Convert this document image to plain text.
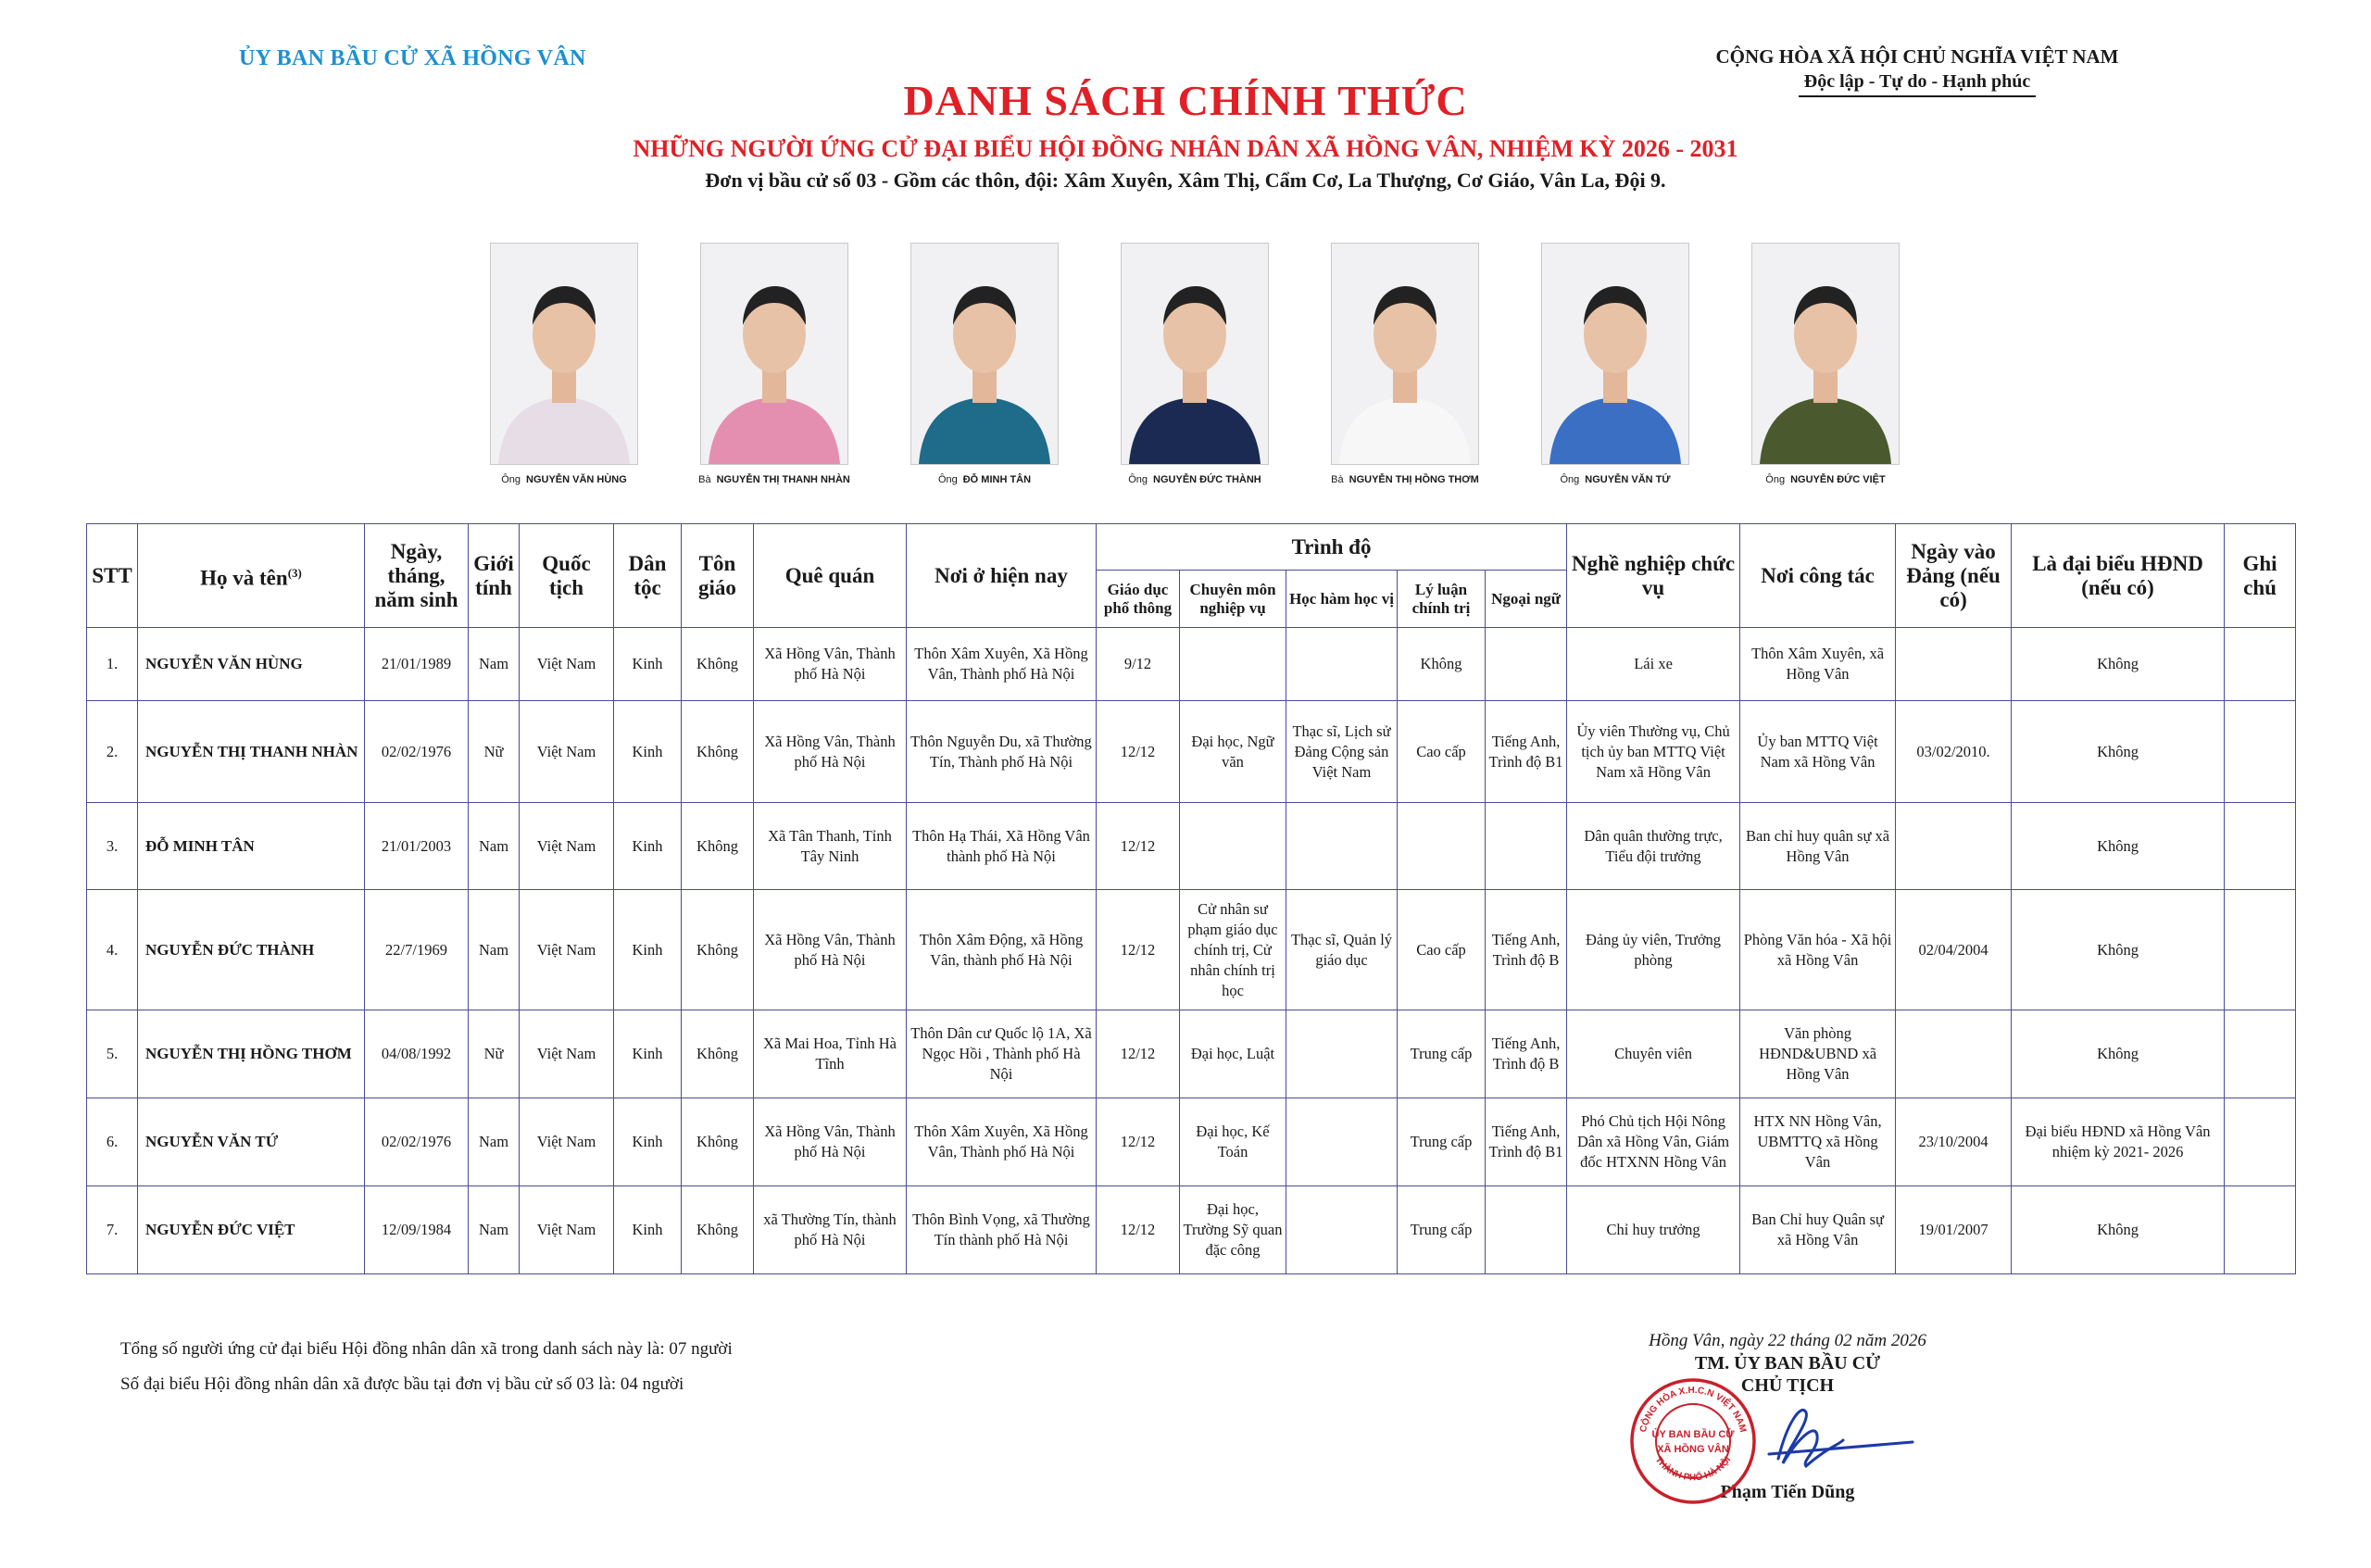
ỦY BAN BẦU CỬ XÃ HỒNG VÂN	CỘNG HÒA XÃ HỘI CHỦ NGHĨA VIỆT NAM
Độc lập - Tự do - Hạnh phúc
DANH SÁCH CHÍNH THỨC
NHỮNG NGƯỜI ỨNG CỬ ĐẠI BIỂU HỘI ĐỒNG NHÂN DÂN XÃ HỒNG VÂN, NHIỆM KỲ 2026 - 2031
Đơn vị bầu cử số 03 - Gồm các thôn, đội: Xâm Xuyên, Xâm Thị, Cẩm Cơ, La Thượng, Cơ Giáo, Vân La, Đội 9.
Ông NGUYỄN VĂN HÙNG	Bà NGUYỄN THỊ THANH NHÀN	Ông ĐỖ MINH TÂN	Ông NGUYỄN ĐỨC THÀNH	Bà NGUYỄN THỊ HỒNG THƠM	Ông NGUYỄN VĂN TỨ	Ông NGUYỄN ĐỨC VIỆT
STT	Họ và tên$^{(3)}$	Ngày, tháng, năm sinh	Giới tính	Quốc tịch	Dân tộc	Tôn giáo	Quê quán	Nơi ở hiện nay	Trình độ					Nghề nghiệp chức vụ	Nơi công tác	Ngày vào Đảng (nếu có)	Là đại biểu HĐND (nếu có)	Ghi chú
									Giáo dục phổ thông	Chuyên môn nghiệp vụ	Học hàm học vị	Lý luận chính trị	Ngoại ngữ					
1.	NGUYỄN VĂN HÙNG	21/01/1989	Nam	Việt Nam	Kinh	Không	Xã Hồng Vân, Thành phố Hà Nội	Thôn Xâm Xuyên, Xã Hồng Vân, Thành phố Hà Nội	9/12			Không		Lái xe	Thôn Xâm Xuyên, xã Hồng Vân		Không	
2.	NGUYỄN THỊ THANH NHÀN	02/02/1976	Nữ	Việt Nam	Kinh	Không	Xã Hồng Vân, Thành phố Hà Nội	Thôn Nguyễn Du, xã Thường Tín, Thành phố Hà Nội	12/12	Đại học, Ngữ văn	Thạc sĩ, Lịch sử Đảng Cộng sản Việt Nam	Cao cấp	Tiếng Anh, Trình độ B1	Ủy viên Thường vụ, Chủ tịch ủy ban MTTQ Việt Nam xã Hồng Vân	Ủy ban MTTQ Việt Nam xã Hồng Vân	03/02/2010.	Không	
3.	ĐỖ MINH TÂN	21/01/2003	Nam	Việt Nam	Kinh	Không	Xã Tân Thanh, Tỉnh Tây Ninh	Thôn Hạ Thái, Xã Hồng Vân thành phố Hà Nội	12/12					Dân quân thường trực, Tiểu đội trưởng	Ban chỉ huy quân sự xã Hồng Vân		Không	
4.	NGUYỄN ĐỨC THÀNH	22/7/1969	Nam	Việt Nam	Kinh	Không	Xã Hồng Vân, Thành phố Hà Nội	Thôn Xâm Động, xã Hồng Vân, thành phố Hà Nội	12/12	Cử nhân sư phạm giáo dục chính trị, Cử nhân chính trị học	Thạc sĩ, Quản lý giáo dục	Cao cấp	Tiếng Anh, Trình độ B	Đảng ủy viên, Trưởng phòng	Phòng Văn hóa - Xã hội xã Hồng Vân	02/04/2004	Không	
5.	NGUYỄN THỊ HỒNG THƠM	04/08/1992	Nữ	Việt Nam	Kinh	Không	Xã Mai Hoa, Tỉnh Hà Tĩnh	Thôn Dân cư Quốc lộ 1A, Xã Ngọc Hồi , Thành phố Hà Nội	12/12	Đại học, Luật		Trung cấp	Tiếng Anh, Trình độ B	Chuyên viên	Văn phòng HĐND&UBND xã Hồng Vân		Không	
6.	NGUYỄN VĂN TỨ	02/02/1976	Nam	Việt Nam	Kinh	Không	Xã Hồng Vân, Thành phố Hà Nội	Thôn Xâm Xuyên, Xã Hồng Vân, Thành phố Hà Nội	12/12	Đại học, Kế Toán		Trung cấp	Tiếng Anh, Trình độ B1	Phó Chủ tịch Hội Nông Dân xã Hồng Vân, Giám đốc HTXNN Hồng Vân	HTX NN Hồng Vân, UBMTTQ xã Hồng Vân	23/10/2004	Đại biểu HĐND xã Hồng Vân nhiệm kỳ 2021- 2026	
7.	NGUYỄN ĐỨC VIỆT	12/09/1984	Nam	Việt Nam	Kinh	Không	xã Thường Tín, thành phố Hà Nội	Thôn Bình Vọng, xã Thường Tín thành phố Hà Nội	12/12	Đại học, Trường Sỹ quan đặc công		Trung cấp		Chỉ huy trưởng	Ban Chỉ huy Quân sự xã Hồng Vân	19/01/2007	Không	
Tổng số người ứng cử đại biểu Hội đồng nhân dân xã trong danh sách này là: 07 người
Số đại biểu Hội đồng nhân dân xã được bầu tại đơn vị bầu cử số 03 là: 04 người
Hồng Vân, ngày 22 tháng 02 năm 2026
TM. ỦY BAN BẦU CỬ
CHỦ TỊCH
Phạm Tiến Dũng
CỘNG HÒA X.H.C.N VIỆT NAM
THÀNH PHỐ HÀ NỘI
ỦY BAN BẦU CỬ
XÃ HỒNG VÂN
